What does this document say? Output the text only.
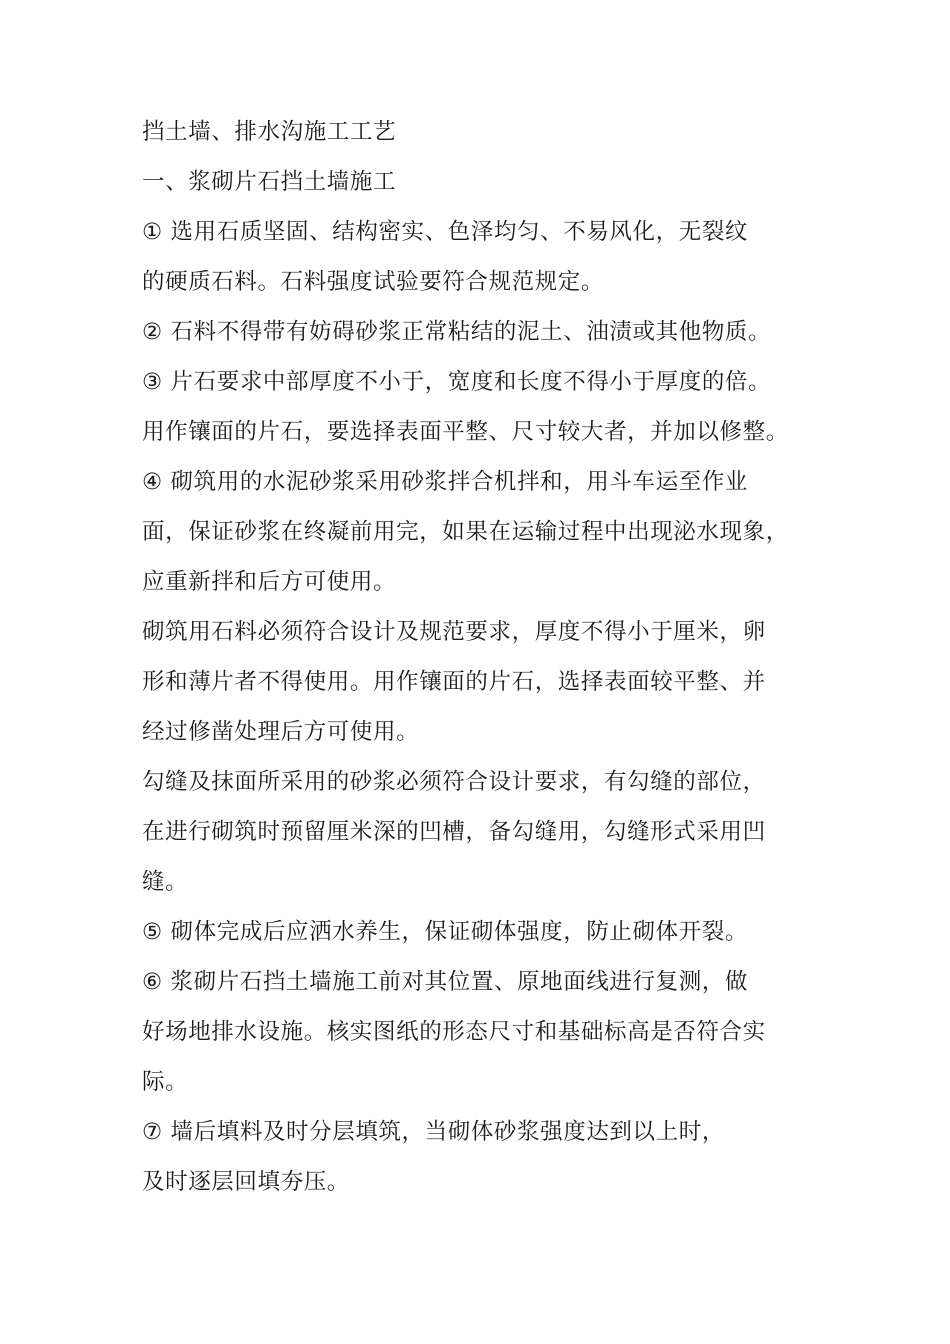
挡土墙、排水沟施工工艺
一、浆砌片石挡土墙施工
① 选用石质坚固、结构密实、色泽均匀、不易风化，无裂纹
的硬质石料。石料强度试验要符合规范规定。
② 石料不得带有妨碍砂浆正常粘结的泥土、油渍或其他物质。
③ 片石要求中部厚度不小于，宽度和长度不得小于厚度的倍。
用作镶面的片石，要选择表面平整、尺寸较大者，并加以修整。
④ 砌筑用的水泥砂浆采用砂浆拌合机拌和，用斗车运至作业
面，保证砂浆在终凝前用完，如果在运输过程中出现泌水现象，
应重新拌和后方可使用。
砌筑用石料必须符合设计及规范要求，厚度不得小于厘米，卵
形和薄片者不得使用。用作镶面的片石，选择表面较平整、并
经过修凿处理后方可使用。
勾缝及抹面所采用的砂浆必须符合设计要求，有勾缝的部位，
在进行砌筑时预留厘米深的凹槽，备勾缝用，勾缝形式采用凹
缝。
⑤ 砌体完成后应洒水养生，保证砌体强度，防止砌体开裂。
⑥ 浆砌片石挡土墙施工前对其位置、原地面线进行复测，做
好场地排水设施。核实图纸的形态尺寸和基础标高是否符合实
际。
⑦ 墙后填料及时分层填筑，当砌体砂浆强度达到以上时，
及时逐层回填夯压。
